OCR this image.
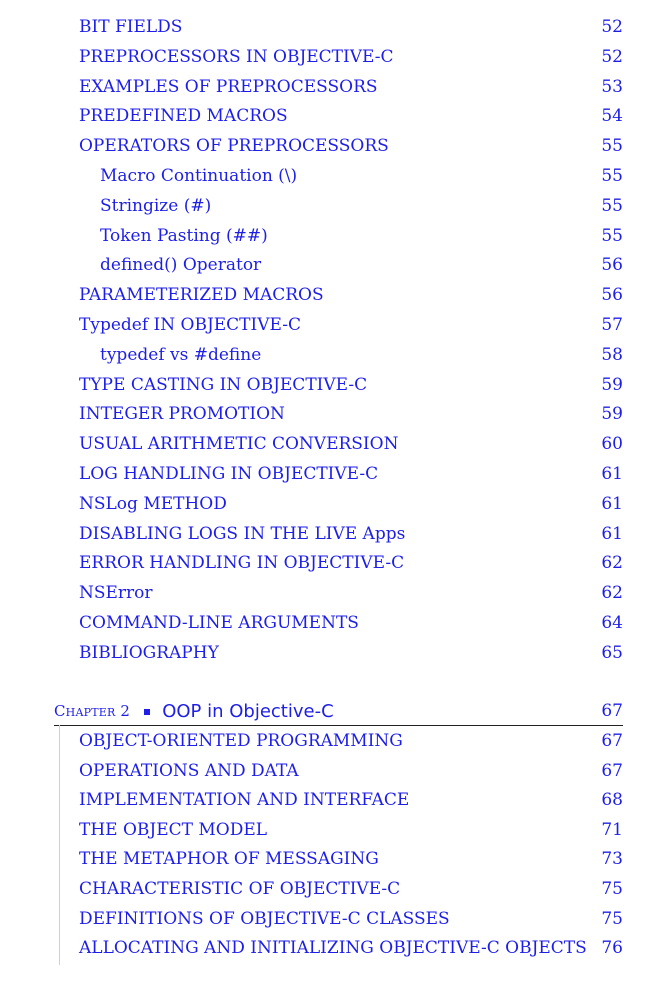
BIT FIELDS	52
PREPROCESSORS IN OBJECTIVE-C	52
EXAMPLES OF PREPROCESSORS	53
PREDEFINED MACROS	54
OPERATORS OF PREPROCESSORS	55
Macro Continuation (\)	55
Stringize (#)	55
Token Pasting (##)	55
defined() Operator	56
PARAMETERIZED MACROS	56
Typedef IN OBJECTIVE-C	57
typedef vs #define	58
TYPE CASTING IN OBJECTIVE-C	59
INTEGER PROMOTION	59
USUAL ARITHMETIC CONVERSION	60
LOG HANDLING IN OBJECTIVE-C	61
NSLog METHOD	61
DISABLING LOGS IN THE LIVE Apps	61
ERROR HANDLING IN OBJECTIVE-C	62
NSError	62
COMMAND-LINE ARGUMENTS	64
BIBLIOGRAPHY	65
Chapter 2 OOP in Objective-C	67
OBJECT-ORIENTED PROGRAMMING	67
OPERATIONS AND DATA	67
IMPLEMENTATION AND INTERFACE	68
THE OBJECT MODEL	71
THE METAPHOR OF MESSAGING	73
CHARACTERISTIC OF OBJECTIVE-C	75
DEFINITIONS OF OBJECTIVE-C CLASSES	75
ALLOCATING AND INITIALIZING OBJECTIVE-C OBJECTS 76
